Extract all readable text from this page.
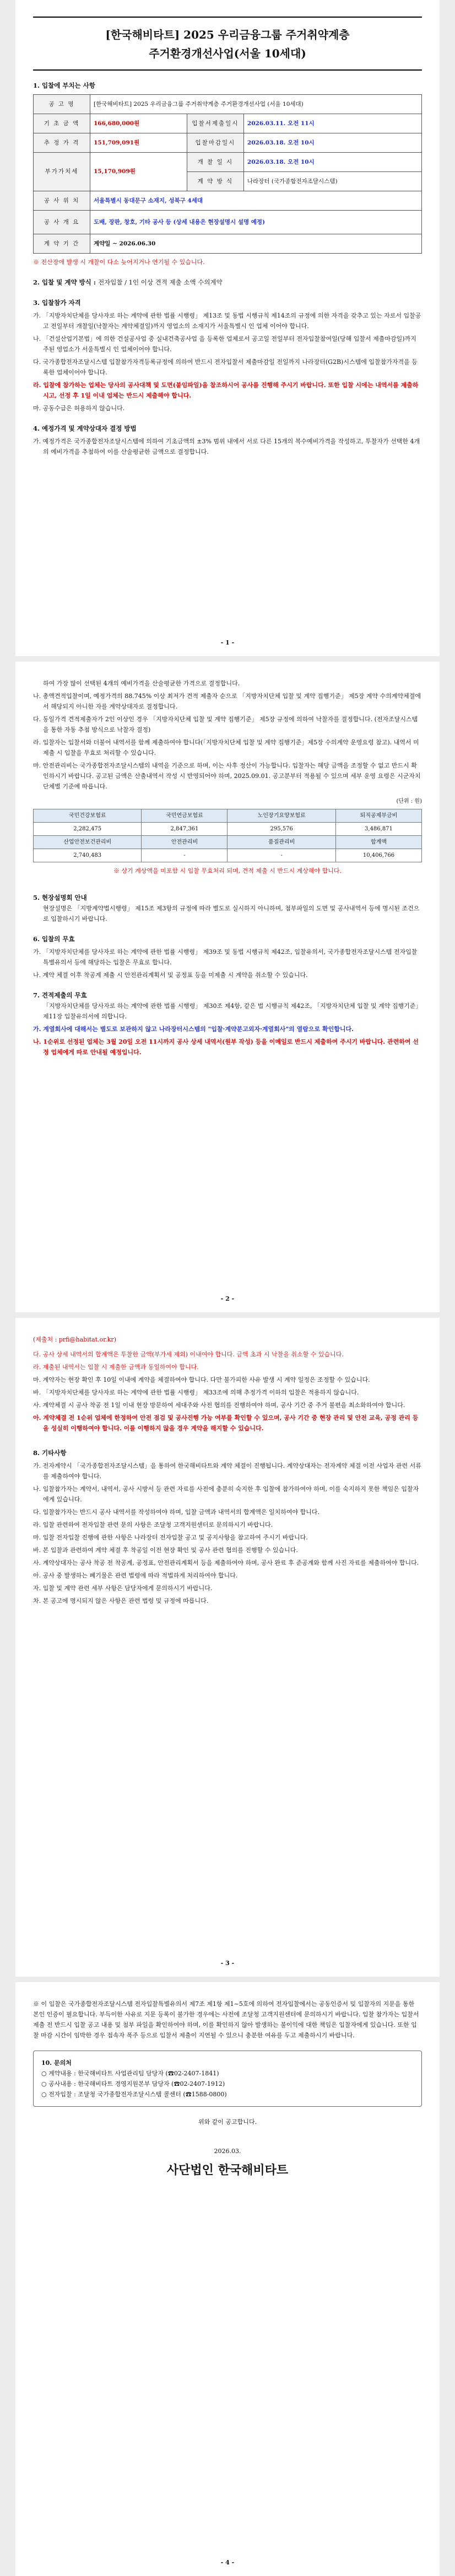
[한국해비타트] 2025 우리금융그룹 주거취약계층
주거환경개선사업(서울 10세대)
1. 입찰에 부치는 사항
공 고 명	[한국해비타트] 2025 우리금융그룹 주거취약계층 주거환경개선사업 (서울 10세대)		
기 초 금 액	166,680,000원	입찰서제출일시	2026.03.11. 오전 11시
추 정 가 격	151,709,091원	입찰마감일시	2026.03.18. 오전 10시
부가가치세	15,170,909원	개 찰 일 시	2026.03.18. 오전 10시
		계 약 방 식	나라장터 (국가종합전자조달시스템)
공 사 위 치	서울특별시 동대문구 소재지, 성북구 4세대		
공 사 개 요	도배, 장판, 창호, 기타 공사 등 (상세 내용은 현장설명시 설명 예정)		
계 약 기 간	계약일 ~ 2026.06.30		
※ 전산장애 발생 시 개찰이 다소 늦어지거나 연기될 수 있습니다.
2. 입찰 및 계약 방식 : 전자입찰 / 1인 이상 견적 제출 소액 수의계약
3. 입찰참가 자격
가. 「지방자치단체를 당사자로 하는 계약에 관한 법률 시행령」 제13조 및 동법 시행규칙 제14조의 규정에 의한 자격을 갖추고 있는 자로서 입찰공고 전일부터 개찰일(낙찰자는 계약체결일)까지 영업소의 소재지가 서울특별시 인 업체 이어야 합니다.
나. 「건설산업기본법」에 의한 건설공사업 중 실내건축공사업 을 등록한 업체로서 공고일 전일부터 전자입찰참여일(당해 입찰서 제출마감일)까지 주된 영업소가 서울특별시 인 업체이어야 합니다.
다. 국가종합전자조달시스템 입찰참가자격등록규정에 의하여 반드시 전자입찰서 제출마감일 전일까지 나라장터(G2B)시스템에 입찰참가자격을 등록한 업체이어야 합니다.
라. 입찰에 참가하는 업체는 당사의 공사대책 및 도면(붙임파일)을 참조하시어 공사를 진행해 주시기 바랍니다. 또한 입찰 시에는 내역서를 제출하시고, 선정 후 1일 이내 업체는 반드시 제출해야 합니다.
마. 공동수급은 허용하지 않습니다.
4. 예정가격 및 계약상대자 결정 방법
가. 예정가격은 국가종합전자조달시스템에 의하여 기초금액의 ±3% 범위 내에서 서로 다른 15개의 복수예비가격을 작성하고, 투찰자가 선택한 4개의 예비가격을 추첨하여 이를 산술평균한 금액으로 결정합니다.
- 1 -
하여 가장 많이 선택된 4개의 예비가격을 산술평균한 가격으로 결정합니다.
나. 총액견적입찰이며, 예정가격의 88.745% 이상 최저가 견적 제출자 순으로 「지방자치단체 입찰 및 계약 집행기준」 제5장 계약 수의계약체결에서 해당되지 아니한 자를 계약상대자로 결정합니다.
다. 동일가격 견적제출자가 2인 이상인 경우 「지방자치단체 입찰 및 계약 집행기준」 제5장 규정에 의하여 낙찰자를 결정합니다. (전자조달시스템을 통한 자동 추첨 방식으로 낙찰자 결정)
라. 입찰자는 입찰서와 더불어 내역서를 함께 제출하여야 합니다(「지방자치단체 입찰 및 계약 집행기준」제5장 수의계약 운영요령 참고). 내역서 미제출 시 입찰을 무효로 처리할 수 있습니다.
마. 안전관리비는 국가종합전자조달시스템의 내역을 기준으로 하며, 이는 사후 정산이 가능합니다. 입찰자는 해당 금액을 조정할 수 없고 반드시 확인하시기 바랍니다. 공고된 금액은 산출내역서 작성 시 반영되어야 하며, 2025.09.01. 공고분부터 적용될 수 있으며 세부 운영 요령은 시군자치단체별 기준에 따릅니다.
(단위 : 원)
국민건강보험료	국민연금보험료	노인장기요양보험료	퇴직공제부금비
2,282,475	2,847,361	295,576	3,486,871
산업안전보건관리비	안전관리비	품질관리비	합계액
2,740,483	-	-	10,406,766
※ 상기 계상액을 미포함 시 입찰 무효처리 되며, 견적 제출 시 반드시 계상해야 합니다.
5. 현장설명회 안내
현장설명은 「지방계약법시행령」 제15조 제3항의 규정에 따라 별도로 실시하지 아니하며, 첨부파일의 도면 및 공사내역서 등에 명시된 조건으로 입찰하시기 바랍니다.
6. 입찰의 무효
가. 「지방자치단체를 당사자로 하는 계약에 관한 법률 시행령」 제39조 및 동법 시행규칙 제42조, 입찰유의서, 국가종합전자조달시스템 전자입찰특별유의서 등에 해당하는 입찰은 무효로 합니다.
나. 계약 체결 이후 착공계 제출 시 안전관리계획서 및 공정표 등을 미제출 시 계약을 취소할 수 있습니다.
7. 견적제출의 무효
「지방자치단체를 당사자로 하는 계약에 관한 법률 시행령」 제30조 제4항, 같은 법 시행규칙 제42조, 「지방자치단체 입찰 및 계약 집행기준」 제11장 입찰유의서에 의합니다.
가. 계열회사에 대해서는 별도로 보관하지 않고 나라장터시스템의 "입찰·계약분고외자·계열회사"의 열람으로 확인합니다.
나. 1순위로 선정된 업체는 3월 20일 오전 11시까지 공사 상세 내역서(원부 작성) 등을 이메일로 반드시 제출하여 주시기 바랍니다. 관련하여 선정 업체에게 따로 안내될 예정입니다.
- 2 -
(제출처 : prfi@habitat.or.kr)
다. 공사 상세 내역서의 합계액은 투찰한 금액(부가세 제외) 이내여야 합니다. 금액 초과 시 낙찰을 취소할 수 있습니다.
라. 제출된 내역서는 입찰 시 제출한 금액과 동일하여야 합니다.
마. 계약자는 현장 확인 후 10일 이내에 계약을 체결하여야 합니다. 다만 불가피한 사유 발생 시 계약 일정은 조정할 수 있습니다.
바. 「지방자치단체를 당사자로 하는 계약에 관한 법률 시행령」 제33조에 의해 추정가격 이하의 입찰은 적용하지 않습니다.
사. 계약체결 시 공사 착공 전 1일 이내 현장 방문하여 세대주와 사전 협의를 진행하여야 하며, 공사 기간 중 주거 불편을 최소화하여야 합니다.
아. 계약체결 전 1순위 업체에 한정하여 안전 점검 및 공사진행 가능 여부를 확인할 수 있으며, 공사 기간 중 현장 관리 및 안전 교육, 공정 관리 등을 성실히 이행하여야 합니다. 이를 이행하지 않을 경우 계약을 해지할 수 있습니다.
8. 기타사항
가. 전자계약시 「국가종합전자조달시스템」을 통하여 한국해비타트와 계약 체결이 진행됩니다. 계약상대자는 전자계약 체결 이전 사업자 관련 서류를 제출하여야 합니다.
나. 입찰참가자는 계약서, 내역서, 공사 시방서 등 관련 자료를 사전에 충분히 숙지한 후 입찰에 참가하여야 하며, 이를 숙지하지 못한 책임은 입찰자에게 있습니다.
다. 입찰참가자는 반드시 공사 내역서를 작성하여야 하며, 입찰 금액과 내역서의 합계액은 일치하여야 합니다.
라. 입찰 관련하여 전자입찰 관련 문의 사항은 조달청 고객지원센터로 문의하시기 바랍니다.
마. 입찰 전자입찰 진행에 관한 사항은 나라장터 전자입찰 공고 및 공지사항을 참고하여 주시기 바랍니다.
바. 본 입찰과 관련하여 계약 체결 후 착공일 이전 현장 확인 및 공사 관련 협의를 진행할 수 있습니다.
사. 계약상대자는 공사 착공 전 착공계, 공정표, 안전관리계획서 등을 제출하여야 하며, 공사 완료 후 준공계와 함께 사진 자료를 제출하여야 합니다.
아. 공사 중 발생하는 폐기물은 관련 법령에 따라 적법하게 처리하여야 합니다.
자. 입찰 및 계약 관련 세부 사항은 담당자에게 문의하시기 바랍니다.
차. 본 공고에 명시되지 않은 사항은 관련 법령 및 규정에 따릅니다.
- 3 -
※ 이 입찰은 국가종합전자조달시스템 전자입찰특별유의서 제7조 제1항 제1~5호에 의하여 전자입찰에서는 공동인증서 및 입찰자의 지문을 통한 본인 인증이 필요합니다. 부득이한 사유로 지문 등록이 불가한 경우에는 사전에 조달청 고객지원센터에 문의하시기 바랍니다. 입찰 참가자는 입찰서 제출 전 반드시 입찰 공고 내용 및 첨부 파일을 확인하여야 하며, 이를 확인하지 않아 발생하는 불이익에 대한 책임은 입찰자에게 있습니다. 또한 입찰 마감 시간이 임박한 경우 접속자 폭주 등으로 입찰서 제출이 지연될 수 있으니 충분한 여유를 두고 제출하시기 바랍니다.
10. 문의처
○ 계약내용 : 한국해비타트 사업관리팀 담당자 (☎02-2407-1841)
○ 공사내용 : 한국해비타트 경영지원본부 담당자 (☎02-2407-1912)
○ 전자입찰 : 조달청 국가종합전자조달시스템 콜센터 (☎1588-0800)
위와 같이 공고합니다.
2026.03.
사단법인 한국해비타트
- 4 -
